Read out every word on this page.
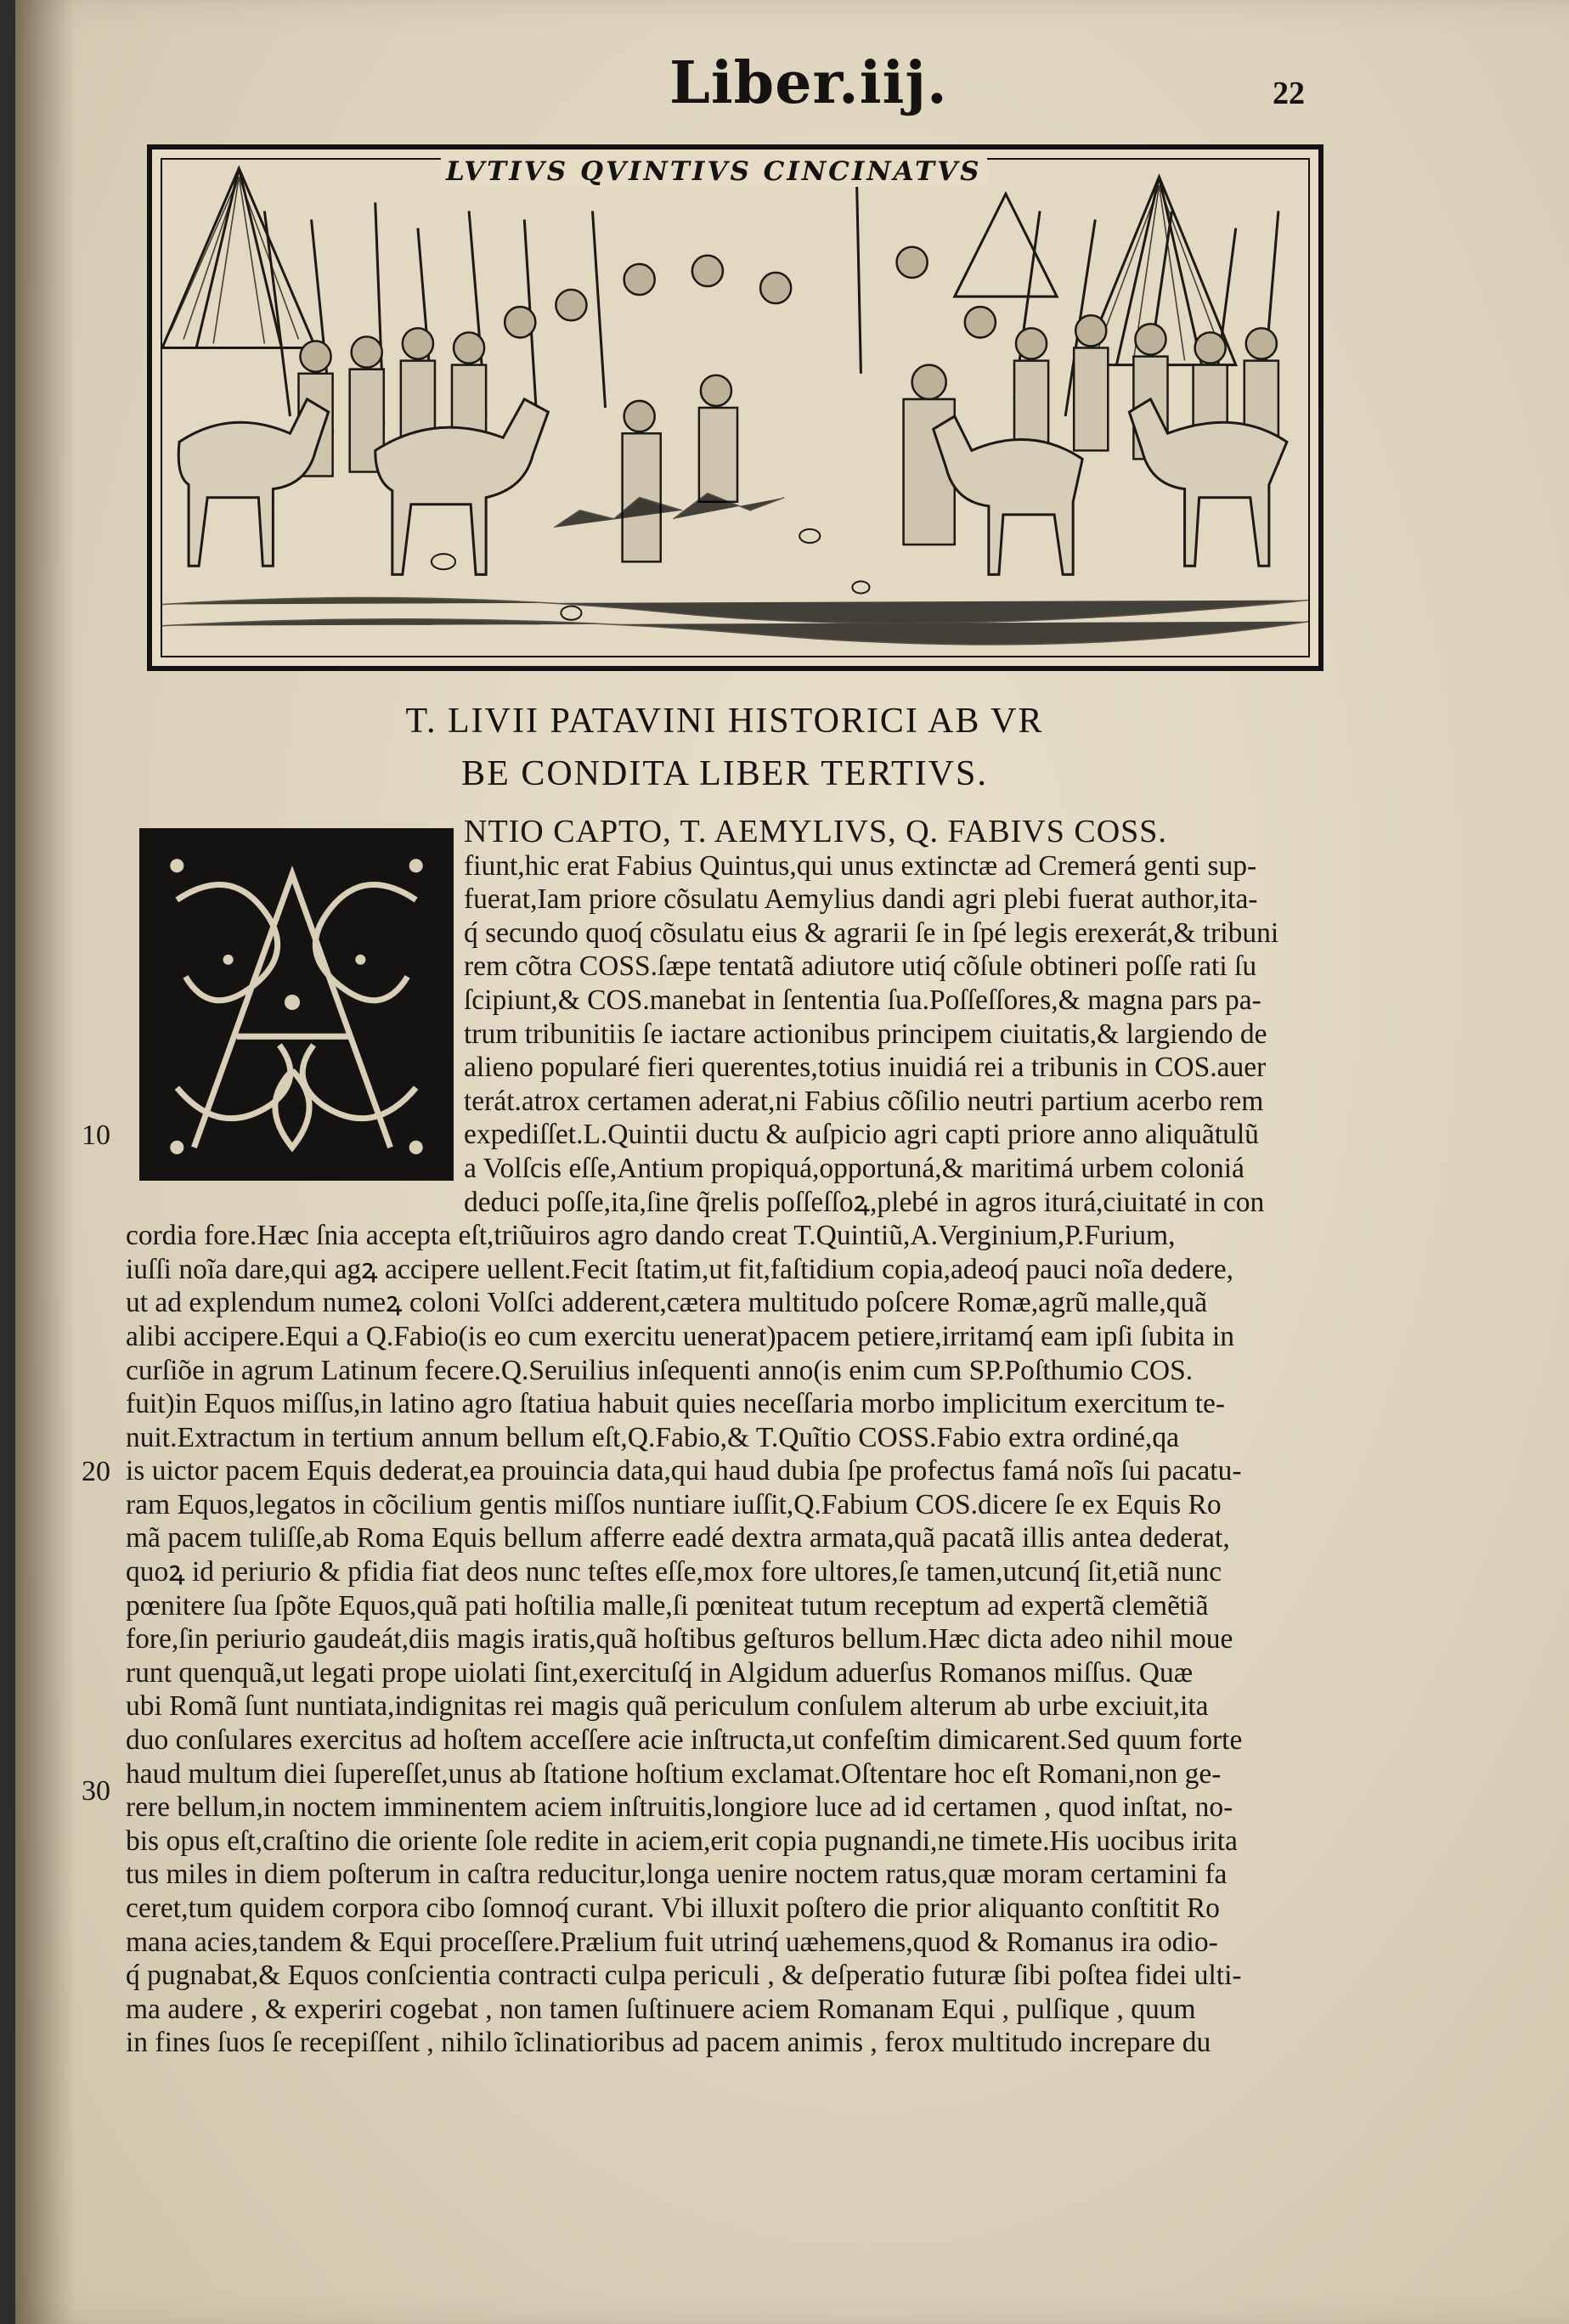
Liber.iij.	22
LVTIVS QVINTIVS CINCINATVS
T. LIVII PATAVINI HISTORICI AB VR
BE CONDITA LIBER TERTIVS.
NTIO CAPTO, T. AEMYLIVS, Q. FABIVS COSS.
fiunt,hic erat Fabius Quintus,qui unus extinctæ ad Cremerá genti sup-
fuerat,Iam priore cõsulatu Aemylius dandi agri plebi fuerat author,ita-
q́ secundo quoq́ cõsulatu eius & agrarii ſe in ſpé legis erexerát,& tribuni
rem cõtra COSS.ſæpe tentatã adiutore utiq́ cõſule obtineri poſſe rati ſu
ſcipiunt,& COS.manebat in ſententia ſua.Poſſeſſores,& magna pars pa-
trum tribunitiis ſe iactare actionibus principem ciuitatis,& largiendo de
alieno popularé fieri querentes,totius inuidiá rei a tribunis in COS.auer
terát.atrox certamen aderat,ni Fabius cõſilio neutri partium acerbo rem
expediſſet.L.Quintii ductu & auſpicio agri capti priore anno aliquãtulũ
a Volſcis eſſe,Antium propiquá,opportuná,& maritimá urbem coloniá
deduci poſſe,ita,ſine q̃relis poſſeſſoꝝ,plebé in agros iturá,ciuitaté in con
cordia fore.Hæc ſnia accepta eſt,triũuiros agro dando creat T.Quintiũ,A.Verginium,P.Furium,
iuſſi noĩa dare,qui agꝝ accipere uellent.Fecit ſtatim,ut fit,faſtidium copia,adeoq́ pauci noĩa dedere,
ut ad explendum numeꝝ coloni Volſci adderent,cætera multitudo poſcere Romæ,agrũ malle,quã
alibi accipere.Equi a Q.Fabio(is eo cum exercitu uenerat)pacem petiere,irritamq́ eam ipſi ſubita in
curſiõe in agrum Latinum fecere.Q.Seruilius inſequenti anno(is enim cum SP.Poſthumio COS.
fuit)in Equos miſſus,in latino agro ſtatiua habuit quies neceſſaria morbo implicitum exercitum te-
nuit.Extractum in tertium annum bellum eſt,Q.Fabio,& T.Quĩtio COSS.Fabio extra ordiné,qa
is uictor pacem Equis dederat,ea prouincia data,qui haud dubia ſpe profectus famá noĩs ſui pacatu-
ram Equos,legatos in cõcilium gentis miſſos nuntiare iuſſit,Q.Fabium COS.dicere ſe ex Equis Ro
mã pacem tuliſſe,ab Roma Equis bellum afferre eadé dextra armata,quã pacatã illis antea dederat,
quoꝝ id periurio & pfidia fiat deos nunc teſtes eſſe,mox fore ultores,ſe tamen,utcunq́ ſit,etiã nunc
pœnitere ſua ſpõte Equos,quã pati hoſtilia malle,ſi pœniteat tutum receptum ad expertã clemẽtiã
fore,ſin periurio gaudeát,diis magis iratis,quã hoſtibus geſturos bellum.Hæc dicta adeo nihil moue
runt quenquã,ut legati prope uiolati ſint,exercituſq́ in Algidum aduerſus Romanos miſſus. Quæ
ubi Romã ſunt nuntiata,indignitas rei magis quã periculum conſulem alterum ab urbe exciuit,ita
duo conſulares exercitus ad hoſtem acceſſere acie inſtructa,ut confeſtim dimicarent.Sed quum forte
haud multum diei ſupereſſet,unus ab ſtatione hoſtium exclamat.Oſtentare hoc eſt Romani,non ge-
rere bellum,in noctem imminentem aciem inſtruitis,longiore luce ad id certamen , quod inſtat, no-
bis opus eſt,craſtino die oriente ſole redite in aciem,erit copia pugnandi,ne timete.His uocibus irita
tus miles in diem poſterum in caſtra reducitur,longa uenire noctem ratus,quæ moram certamini fa
ceret,tum quidem corpora cibo ſomnoq́ curant. Vbi illuxit poſtero die prior aliquanto conſtitit Ro
mana acies,tandem & Equi proceſſere.Prælium fuit utrinq́ uæhemens,quod & Romanus ira odio-
q́ pugnabat,& Equos conſcientia contracti culpa periculi , & deſperatio futuræ ſibi poſtea fidei ulti-
ma audere , & experiri cogebat , non tamen ſuſtinuere aciem Romanam Equi , pulſique , quum
in fines ſuos ſe recepiſſent , nihilo ĩclinatioribus ad pacem animis , ferox multitudo increpare du
10
20
30
